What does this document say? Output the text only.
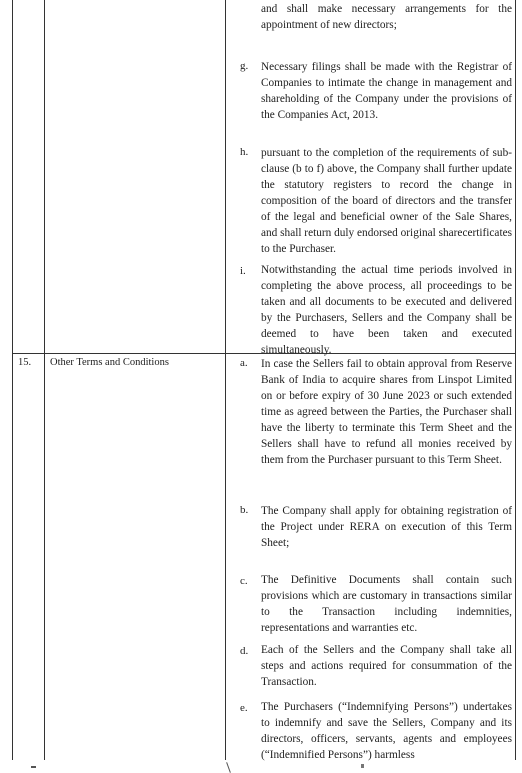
and shall make necessary arrangements for the appointment of new directors;
g. Necessary filings shall be made with the Registrar of Companies to intimate the change in management and shareholding of the Company under the provisions of the Companies Act, 2013.
h. pursuant to the completion of the requirements of sub-clause (b to f) above, the Company shall further update the statutory registers to record the change in composition of the board of directors and the transfer of the legal and beneficial owner of the Sale Shares, and shall return duly endorsed original sharecertificates to the Purchaser.
i. Notwithstanding the actual time periods involved in completing the above process, all proceedings to be taken and all documents to be executed and delivered by the Purchasers, Sellers and the Company shall be deemed to have been taken and executed simultaneously.
15. Other Terms and Conditions	a. In case the Sellers fail to obtain approval from Reserve Bank of India to acquire shares from Linspot Limited on or before expiry of 30 June 2023 or such extended time as agreed between the Parties, the Purchaser shall have the liberty to terminate this Term Sheet and the Sellers shall have to refund all monies received by them from the Purchaser pursuant to this Term Sheet.
b. The Company shall apply for obtaining registration of the Project under RERA on execution of this Term Sheet;
c. The Definitive Documents shall contain such provisions which are customary in transactions similar to the Transaction including indemnities, representations and warranties etc.
d. Each of the Sellers and the Company shall take all steps and actions required for consummation of the Transaction.
e. The Purchasers (“Indemnifying Persons”) undertakes to indemnify and save the Sellers, Company and its directors, officers, servants, agents and employees (“Indemnified Persons”) harmless
